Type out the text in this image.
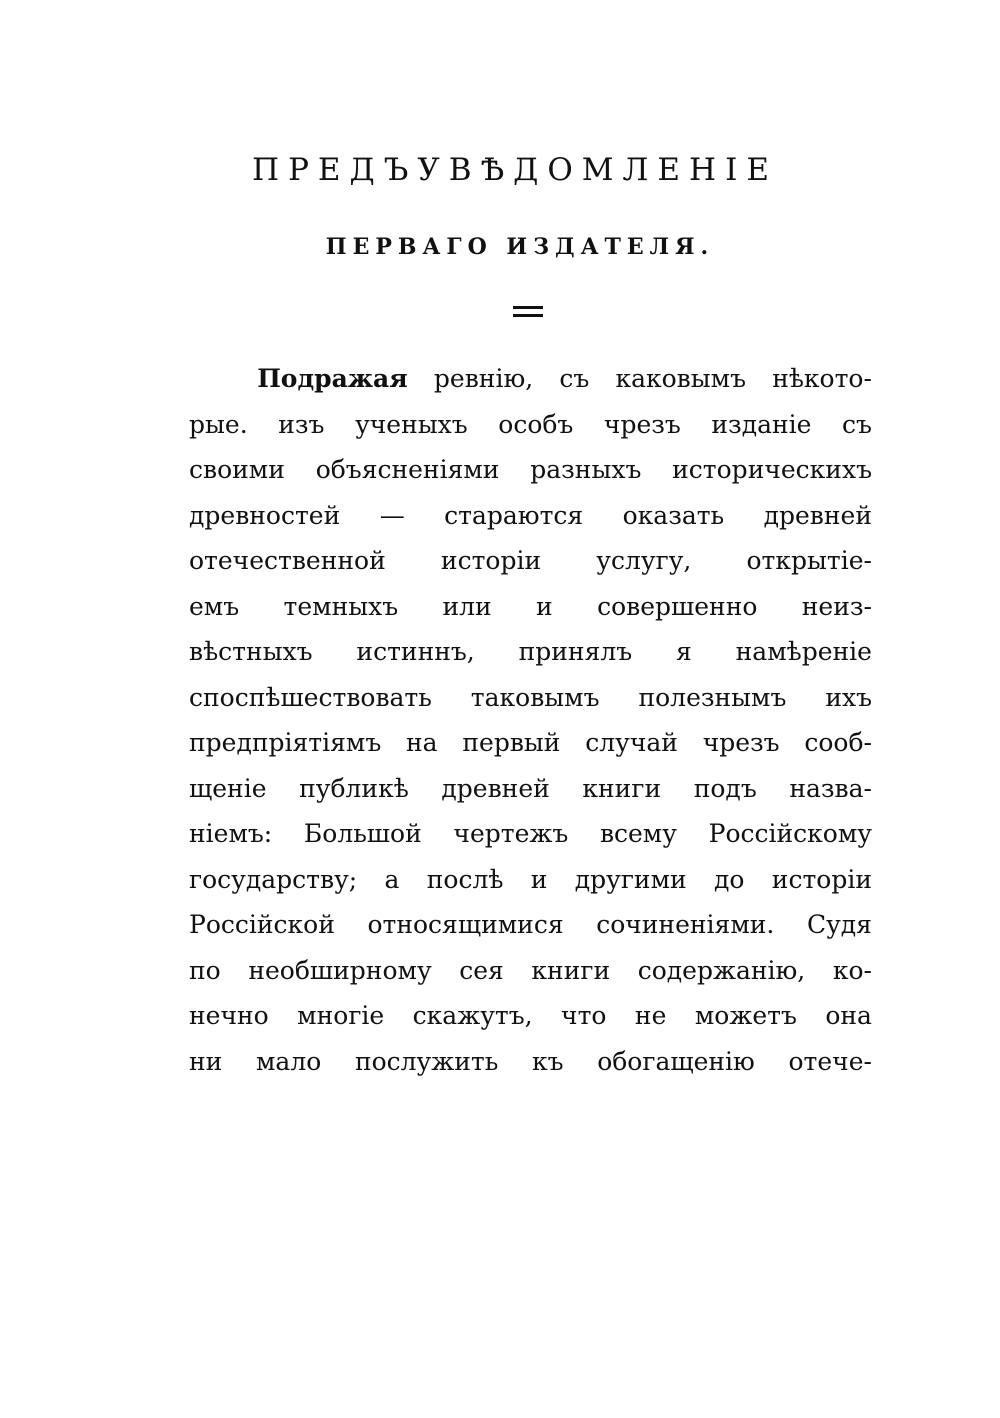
ПРЕДЪУВѢДОМЛЕНІЕ
ПЕРВАГО ИЗДАТЕЛЯ.
Подражая ревнію, съ каковымъ нѣкото-
рые. изъ ученыхъ особъ чрезъ изданіе съ
своими объясненіями разныхъ историческихъ
древностей — стараются оказать древней
отечественной исторіи услугу, открытіе-
емъ темныхъ или и совершенно неиз-
вѣстныхъ истиннъ, принялъ я намѣреніе
споспѣшествовать таковымъ полезнымъ ихъ
предпріятіямъ на первый случай чрезъ сооб-
щеніе публикѣ древней книги подъ назва-
ніемъ: Большой чертежъ всему Россійскому
государству; а послѣ и другими до исторіи
Россійской относящимися сочиненіями. Судя
по необширному сея книги содержанію, ко-
нечно многіе скажутъ, что не можетъ она
ни мало послужить къ обогащенію отече-
